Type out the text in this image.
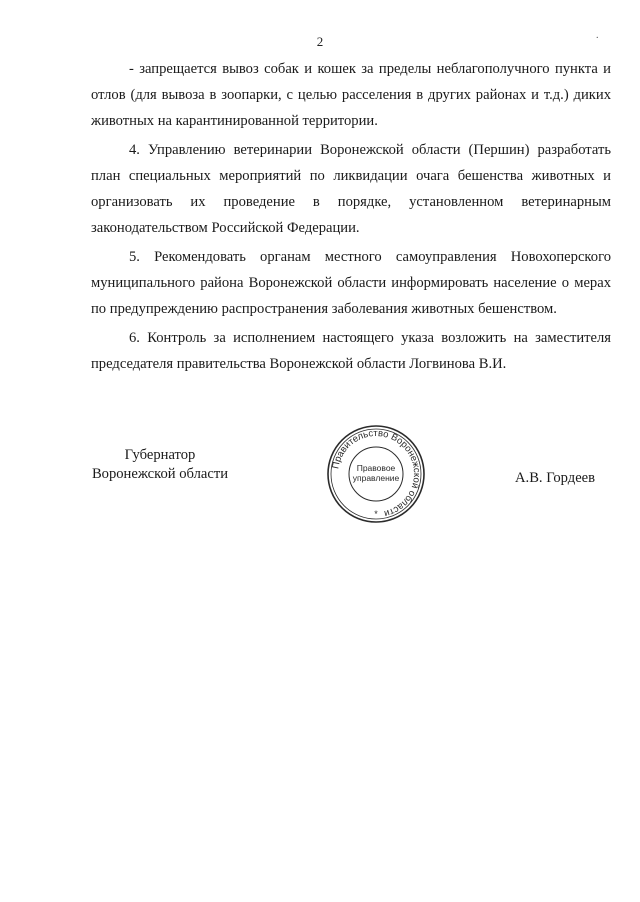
2	.

- запрещается вывоз собак и кошек за пределы неблагополучного пункта и отлов (для вывоза в зоопарки, с целью расселения в других районах и т.д.) диких животных на карантинированной территории.

4. Управлению ветеринарии Воронежской области (Першин) разработать план специальных мероприятий по ликвидации очага бешенства животных и организовать их проведение в порядке, установленном ветеринарным законодательством Российской Федерации.

5. Рекомендовать органам местного самоуправления Новохоперского муниципального района Воронежской области информировать население о мерах по предупреждению распространения заболевания животных бешенством.

6. Контроль за исполнением настоящего указа возложить на заместителя председателя правительства Воронежской области Логвинова В.И.

Губернатор
Воронежской области	А.В. Гордеев
Правительство Воронежской области
Правовое
управление
*
